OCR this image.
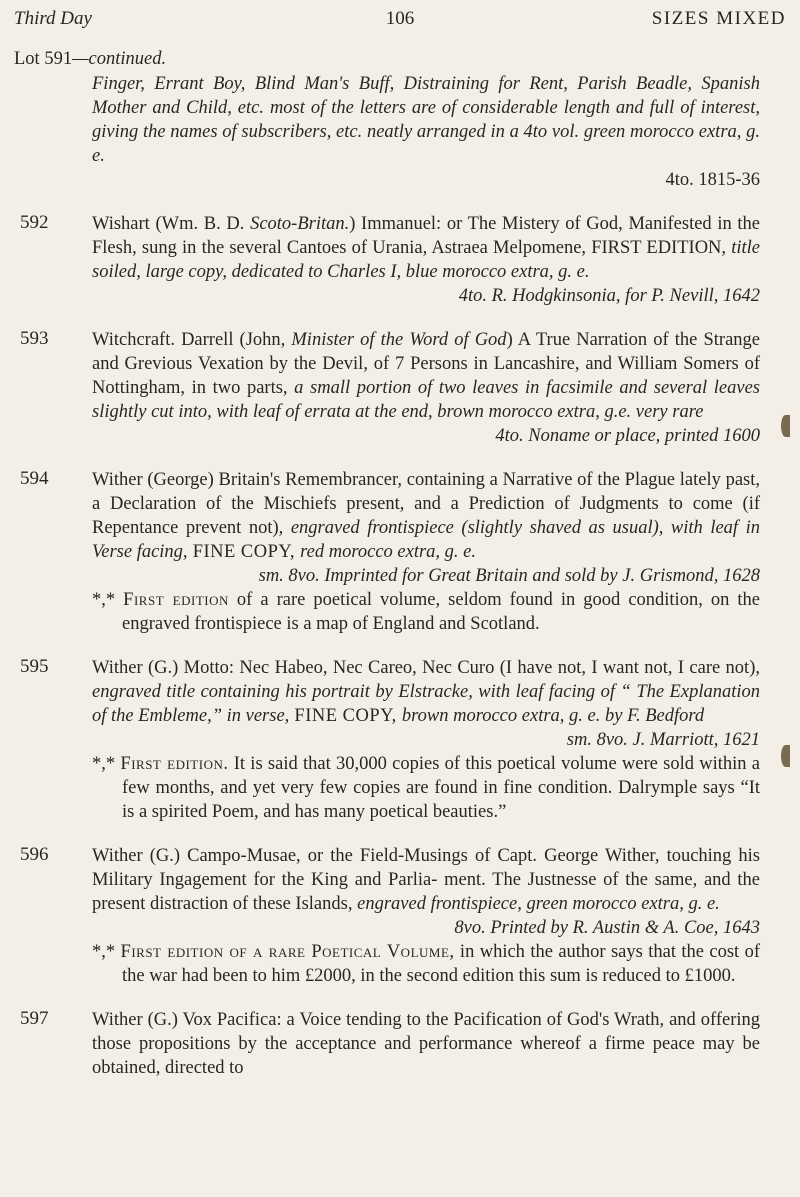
Third Day	106	SIZES MIXED
Lot 591—continued.
Finger, Errant Boy, Blind Man's Buff, Distraining for Rent, Parish Beadle, Spanish Mother and Child, etc. most of the letters are of considerable length and full of interest, giving the names of subscribers, etc. neatly arranged in a 4to vol. green morocco extra, g. e.
4to. 1815-36
592	Wishart (Wm. B. D. Scoto-Britan.) Immanuel: or The Mistery of God, Manifested in the Flesh, sung in the several Cantoes of Urania, Astraea Melpomene, FIRST EDITION, title soiled, large copy, dedicated to Charles I, blue morocco extra, g. e.
4to. R. Hodgkinsonia, for P. Nevill, 1642
593	Witchcraft. Darrell (John, Minister of the Word of God) A True Narration of the Strange and Grevious Vexation by the Devil, of 7 Persons in Lancashire, and William Somers of Nottingham, in two parts, a small portion of two leaves in facsimile and several leaves slightly cut into, with leaf of errata at the end, brown morocco extra, g.e. very rare
4to. Noname or place, printed 1600
594	Wither (George) Britain's Remembrancer, containing a Narrative of the Plague lately past, a Declaration of the Mischiefs present, and a Prediction of Judgments to come (if Repentance prevent not), engraved frontispiece (slightly shaved as usual), with leaf in Verse facing, FINE COPY, red morocco extra, g. e.
sm. 8vo. Imprinted for Great Britain and sold by J. Grismond, 1628
*,* First edition of a rare poetical volume, seldom found in good condition, on the engraved frontispiece is a map of England and Scotland.
595	Wither (G.) Motto: Nec Habeo, Nec Careo, Nec Curo (I have not, I want not, I care not), engraved title containing his portrait by Elstracke, with leaf facing of “ The Explanation of the Embleme,” in verse, FINE COPY, brown morocco extra, g. e. by F. Bedford
sm. 8vo. J. Marriott, 1621
*,* First edition. It is said that 30,000 copies of this poetical volume were sold within a few months, and yet very few copies are found in fine condition. Dalrymple says “It is a spirited Poem, and has many poetical beauties.”
596	Wither (G.) Campo-Musae, or the Field-Musings of Capt. George Wither, touching his Military Ingagement for the King and Parlia- ment. The Justnesse of the same, and the present distraction of these Islands, engraved frontispiece, green morocco extra, g. e.
8vo. Printed by R. Austin & A. Coe, 1643
*,* First edition of a rare Poetical Volume, in which the author says that the cost of the war had been to him £2000, in the second edition this sum is reduced to £1000.
597	Wither (G.) Vox Pacifica: a Voice tending to the Pacification of God's Wrath, and offering those propositions by the acceptance and performance whereof a firme peace may be obtained, directed to
